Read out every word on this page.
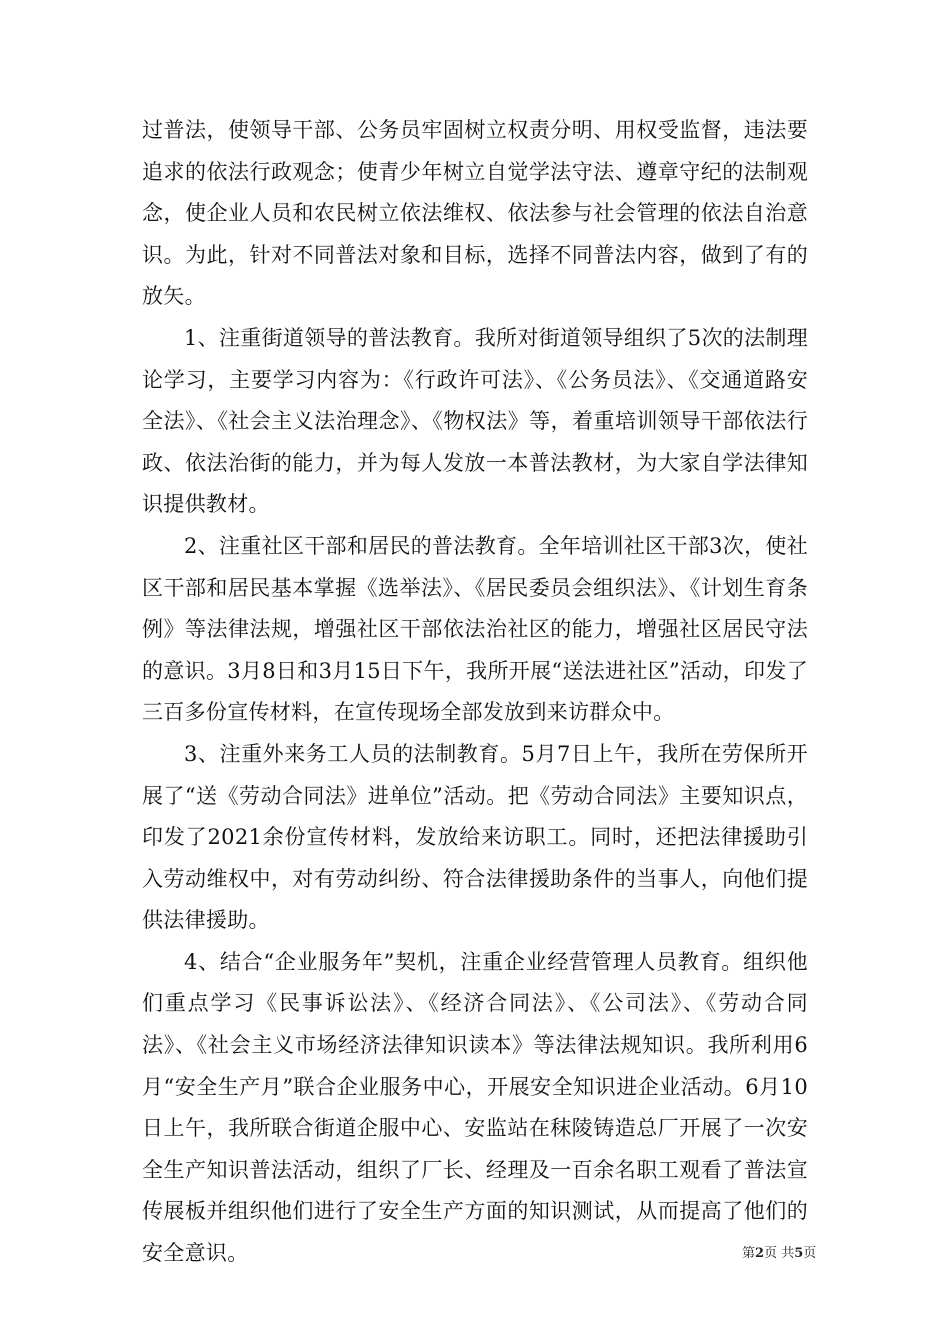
过普法，使领导干部、公务员牢固树立权责分明、用权受监督，违法要追求的依法行政观念；使青少年树立自觉学法守法、遵章守纪的法制观念，使企业人员和农民树立依法维权、依法参与社会管理的依法自治意识。为此，针对不同普法对象和目标，选择不同普法内容，做到了有的放矢。

1、注重街道领导的普法教育。我所对街道领导组织了5次的法制理论学习，主要学习内容为：《行政许可法》、《公务员法》、《交通道路安全法》、《社会主义法治理念》、《物权法》等，着重培训领导干部依法行政、依法治街的能力，并为每人发放一本普法教材，为大家自学法律知识提供教材。

2、注重社区干部和居民的普法教育。全年培训社区干部3次，使社区干部和居民基本掌握《选举法》、《居民委员会组织法》、《计划生育条例》等法律法规，增强社区干部依法治社区的能力，增强社区居民守法的意识。3月8日和3月15日下午，我所开展“送法进社区”活动，印发了三百多份宣传材料，在宣传现场全部发放到来访群众中。

3、注重外来务工人员的法制教育。5月7日上午，我所在劳保所开展了“送《劳动合同法》进单位”活动。把《劳动合同法》主要知识点，印发了2021余份宣传材料，发放给来访职工。同时，还把法律援助引入劳动维权中，对有劳动纠纷、符合法律援助条件的当事人，向他们提供法律援助。

4、结合“企业服务年”契机，注重企业经营管理人员教育。组织他们重点学习《民事诉讼法》、《经济合同法》、《公司法》、《劳动合同法》、《社会主义市场经济法律知识读本》等法律法规知识。我所利用6月“安全生产月”联合企业服务中心，开展安全知识进企业活动。6月10日上午，我所联合街道企服中心、安监站在秣陵铸造总厂开展了一次安全生产知识普法活动，组织了厂长、经理及一百余名职工观看了普法宣传展板并组织他们进行了安全生产方面的知识测试，从而提高了他们的安全意识。	第2页 共5页
